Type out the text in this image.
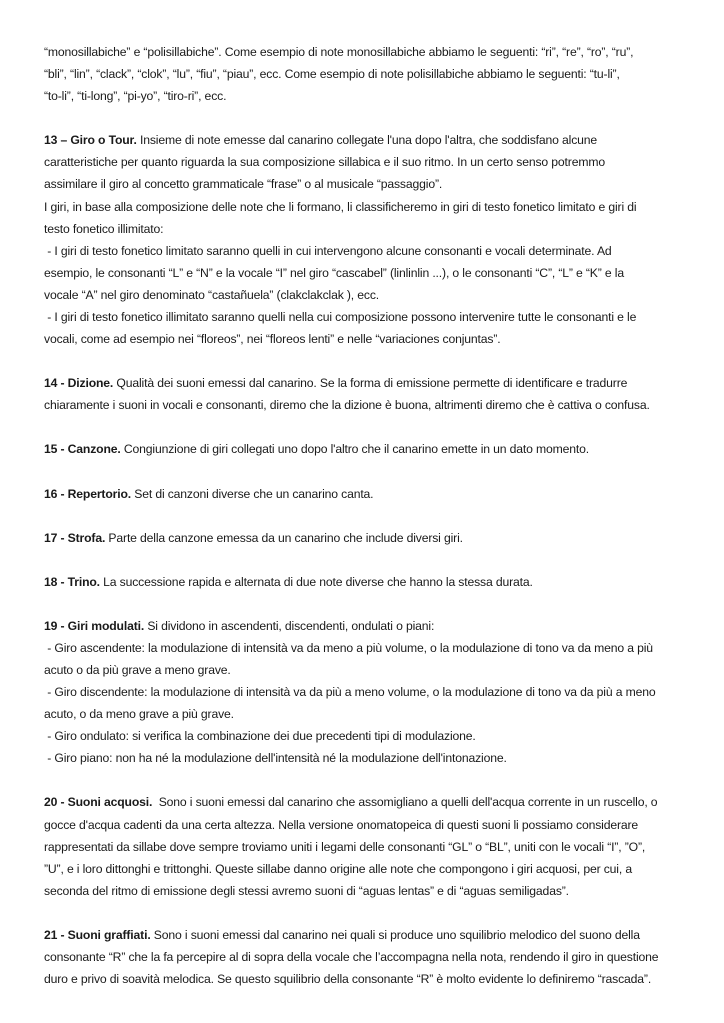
“monosillabiche” e “polisillabiche”. Come esempio di note monosillabiche abbiamo le seguenti: “ri”, “re”, “ro”, “ru”,
“bli”, “lin”, “clack”, “clok”, “lu”, “fiu”, “piau”, ecc. Come esempio di note polisillabiche abbiamo le seguenti: “tu-li”,
“to-li”, “ti-long”, “pi-yo”, “tiro-ri”, ecc.
13 – Giro o Tour. Insieme di note emesse dal canarino collegate l'una dopo l'altra, che soddisfano alcune
caratteristiche per quanto riguarda la sua composizione sillabica e il suo ritmo. In un certo senso potremmo
assimilare il giro al concetto grammaticale “frase” o al musicale “passaggio”.
I giri, in base alla composizione delle note che li formano, li classificheremo in giri di testo fonetico limitato e giri di
testo fonetico illimitato:
- I giri di testo fonetico limitato saranno quelli in cui intervengono alcune consonanti e vocali determinate. Ad
esempio, le consonanti “L” e “N” e la vocale “I” nel giro “cascabel” (linlinlin ...), o le consonanti “C”, “L” e “K” e la
vocale “A” nel giro denominato “castañuela” (clakclakclak ), ecc.
- I giri di testo fonetico illimitato saranno quelli nella cui composizione possono intervenire tutte le consonanti e le
vocali, come ad esempio nei “floreos”, nei “floreos lenti” e nelle “variaciones conjuntas”.
14 - Dizione. Qualità dei suoni emessi dal canarino. Se la forma di emissione permette di identificare e tradurre
chiaramente i suoni in vocali e consonanti, diremo che la dizione è buona, altrimenti diremo che è cattiva o confusa.
15 - Canzone. Congiunzione di giri collegati uno dopo l'altro che il canarino emette in un dato momento.
16 - Repertorio. Set di canzoni diverse che un canarino canta.
17 - Strofa. Parte della canzone emessa da un canarino che include diversi giri.
18 - Trino. La successione rapida e alternata di due note diverse che hanno la stessa durata.
19 - Giri modulati. Si dividono in ascendenti, discendenti, ondulati o piani:
- Giro ascendente: la modulazione di intensità va da meno a più volume, o la modulazione di tono va da meno a più
acuto o da più grave a meno grave.
- Giro discendente: la modulazione di intensità va da più a meno volume, o la modulazione di tono va da più a meno
acuto, o da meno grave a più grave.
- Giro ondulato: si verifica la combinazione dei due precedenti tipi di modulazione.
- Giro piano: non ha né la modulazione dell'intensità né la modulazione dell'intonazione.
20 - Suoni acquosi.  Sono i suoni emessi dal canarino che assomigliano a quelli dell'acqua corrente in un ruscello, o
gocce d'acqua cadenti da una certa altezza. Nella versione onomatopeica di questi suoni li possiamo considerare
rappresentati da sillabe dove sempre troviamo uniti i legami delle consonanti “GL” o “BL”, uniti con le vocali “I”, ”O”,
”U”, e i loro dittonghi e trittonghi. Queste sillabe danno origine alle note che compongono i giri acquosi, per cui, a
seconda del ritmo di emissione degli stessi avremo suoni di “aguas lentas” e di “aguas semiligadas”.
21 - Suoni graffiati. Sono i suoni emessi dal canarino nei quali si produce uno squilibrio melodico del suono della
consonante “R” che la fa percepire al di sopra della vocale che l’accompagna nella nota, rendendo il giro in questione
duro e privo di soavità melodica. Se questo squilibrio della consonante “R” è molto evidente lo definiremo “rascada”.
